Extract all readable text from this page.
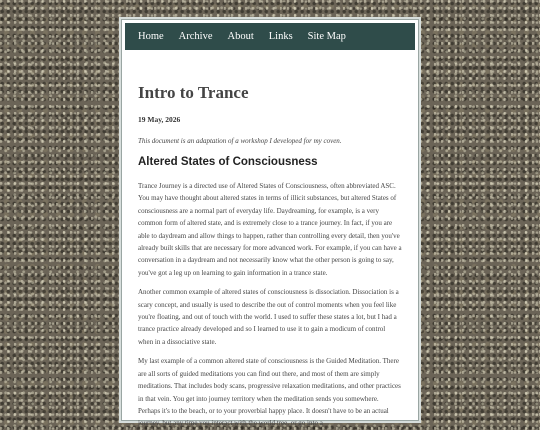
Home Archive About Links Site Map
Intro to Trance
19 May, 2026
This document is an adaptation of a workshop I developed for my coven.
Altered States of Consciousness

Trance Journey is a directed use of Altered States of Consciousness, often abbreviated ASC. You may have thought about altered states in terms of illicit substances, but altered States of consciousness are a normal part of everyday life. Daydreaming, for example, is a very common form of altered state, and is extremely close to a trance journey. In fact, if you are able to daydream and allow things to happen, rather than controlling every detail, then you've already built skills that are necessary for more advanced work. For example, if you can have a conversation in a daydream and not necessarily know what the other person is going to say, you've got a leg up on learning to gain information in a trance state.

Another common example of altered states of consciousness is dissociation. Dissociation is a scary concept, and usually is used to describe the out of control moments when you feel like you're floating, and out of touch with the world. I used to suffer these states a lot, but I had a trance practice already developed and so I learned to use it to gain a modicum of control when in a dissociative state.

My last example of a common altered state of consciousness is the Guided Meditation. There are all sorts of guided meditations you can find out there, and most of them are simply meditations. That includes body scans, progressive relaxation meditations, and other practices in that vein. You get into journey territory when the meditation sends you somewhere. Perhaps it's to the beach, or to your proverbial happy place. It doesn't have to be an actual journey, but any time you interact with the world tree, or go into a
